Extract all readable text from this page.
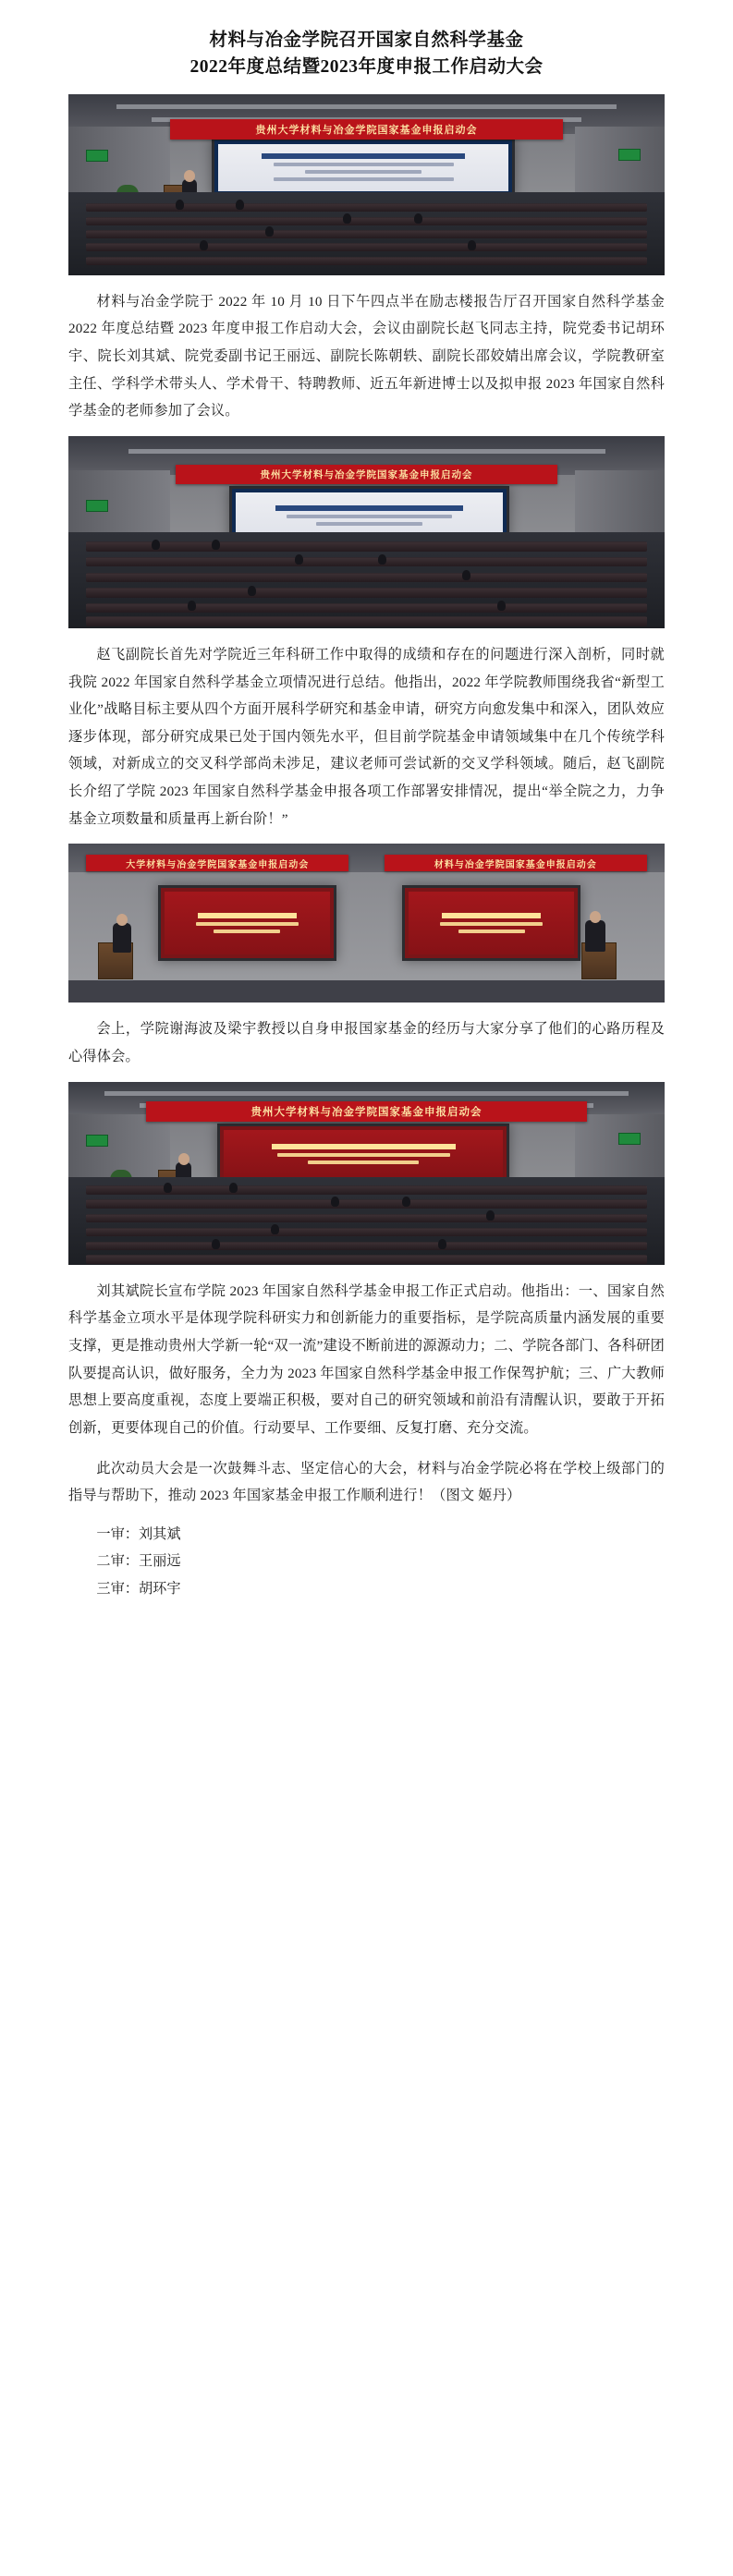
材料与冶金学院召开国家自然科学基金
2022年度总结暨2023年度申报工作启动大会
贵州大学材料与冶金学院国家基金申报启动会

材料与冶金学院于 2022 年 10 月 10 日下午四点半在励志楼报告厅召开国家自然科学基金 2022 年度总结暨 2023 年度申报工作启动大会，会议由副院长赵飞同志主持，院党委书记胡环宇、院长刘其斌、院党委副书记王丽远、副院长陈朝轶、副院长邵姣婧出席会议，学院教研室主任、学科学术带头人、学术骨干、特聘教师、近五年新进博士以及拟申报 2023 年国家自然科学基金的老师参加了会议。

贵州大学材料与冶金学院国家基金申报启动会

赵飞副院长首先对学院近三年科研工作中取得的成绩和存在的问题进行深入剖析，同时就我院 2022 年国家自然科学基金立项情况进行总结。他指出，2022 年学院教师围绕我省“新型工业化”战略目标主要从四个方面开展科学研究和基金申请，研究方向愈发集中和深入，团队效应逐步体现，部分研究成果已处于国内领先水平，但目前学院基金申请领域集中在几个传统学科领域，对新成立的交叉科学部尚未涉足，建议老师可尝试新的交叉学科领域。随后，赵飞副院长介绍了学院 2023 年国家自然科学基金申报各项工作部署安排情况，提出“举全院之力，力争基金立项数量和质量再上新台阶！”

大学材料与冶金学院国家基金申报启动会	材料与冶金学院国家基金申报启动会

会上，学院谢海波及梁宇教授以自身申报国家基金的经历与大家分享了他们的心路历程及心得体会。

贵州大学材料与冶金学院国家基金申报启动会

刘其斌院长宣布学院 2023 年国家自然科学基金申报工作正式启动。他指出：一、国家自然科学基金立项水平是体现学院科研实力和创新能力的重要指标，是学院高质量内涵发展的重要支撑，更是推动贵州大学新一轮“双一流”建设不断前进的源源动力；二、学院各部门、各科研团队要提高认识，做好服务，全力为 2023 年国家自然科学基金申报工作保驾护航；三、广大教师思想上要高度重视，态度上要端正积极，要对自己的研究领域和前沿有清醒认识，要敢于开拓创新，更要体现自己的价值。行动要早、工作要细、反复打磨、充分交流。

此次动员大会是一次鼓舞斗志、坚定信心的大会，材料与冶金学院必将在学校上级部门的指导与帮助下，推动 2023 年国家基金申报工作顺利进行！（图文 姬丹）

一审：刘其斌

二审：王丽远

三审：胡环宇
